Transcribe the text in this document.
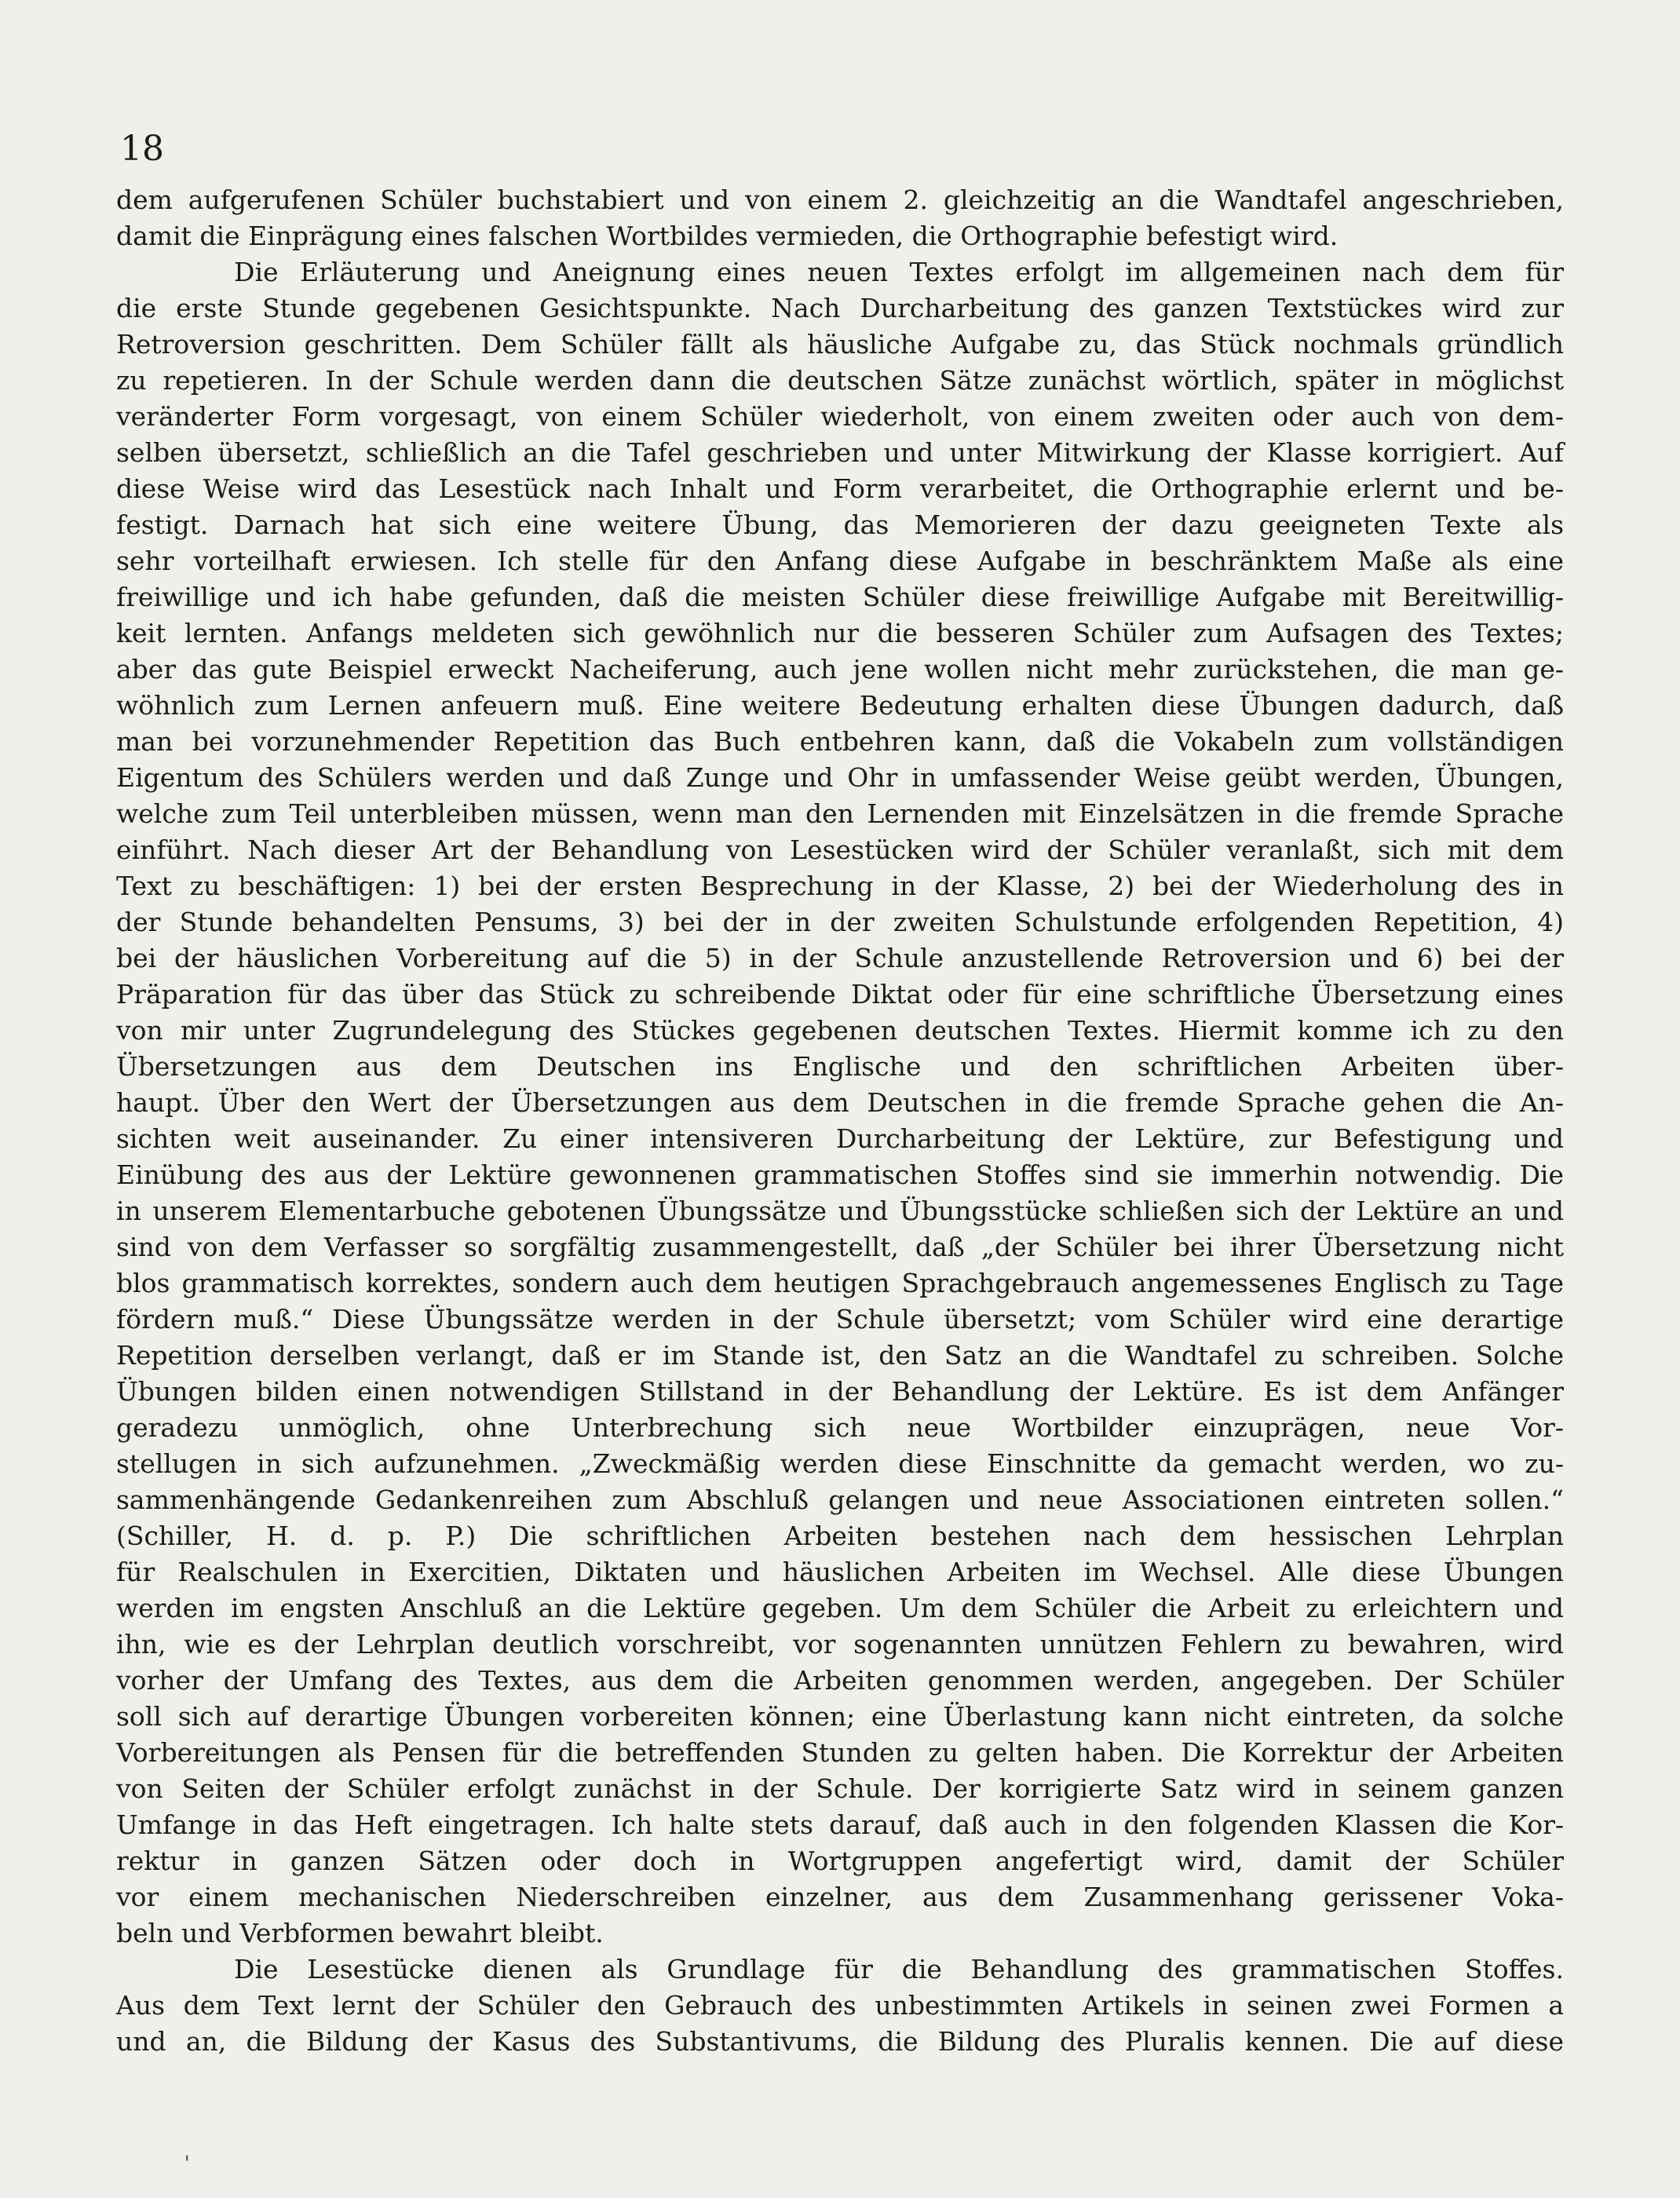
18
dem aufgerufenen Schüler buchstabiert und von einem 2. gleichzeitig an die Wandtafel angeschrieben,
damit die Einprägung eines falschen Wortbildes vermieden, die Orthographie befestigt wird.
Die Erläuterung und Aneignung eines neuen Textes erfolgt im allgemeinen nach dem für
die erste Stunde gegebenen Gesichtspunkte. Nach Durcharbeitung des ganzen Textstückes wird zur
Retroversion geschritten. Dem Schüler fällt als häusliche Aufgabe zu, das Stück nochmals gründlich
zu repetieren. In der Schule werden dann die deutschen Sätze zunächst wörtlich, später in möglichst
veränderter Form vorgesagt, von einem Schüler wiederholt, von einem zweiten oder auch von dem-
selben übersetzt, schließlich an die Tafel geschrieben und unter Mitwirkung der Klasse korrigiert. Auf
diese Weise wird das Lesestück nach Inhalt und Form verarbeitet, die Orthographie erlernt und be-
festigt. Darnach hat sich eine weitere Übung, das Memorieren der dazu geeigneten Texte als
sehr vorteilhaft erwiesen. Ich stelle für den Anfang diese Aufgabe in beschränktem Maße als eine
freiwillige und ich habe gefunden, daß die meisten Schüler diese freiwillige Aufgabe mit Bereitwillig-
keit lernten. Anfangs meldeten sich gewöhnlich nur die besseren Schüler zum Aufsagen des Textes;
aber das gute Beispiel erweckt Nacheiferung, auch jene wollen nicht mehr zurückstehen, die man ge-
wöhnlich zum Lernen anfeuern muß. Eine weitere Bedeutung erhalten diese Übungen dadurch, daß
man bei vorzunehmender Repetition das Buch entbehren kann, daß die Vokabeln zum vollständigen
Eigentum des Schülers werden und daß Zunge und Ohr in umfassender Weise geübt werden, Übungen,
welche zum Teil unterbleiben müssen, wenn man den Lernenden mit Einzelsätzen in die fremde Sprache
einführt. Nach dieser Art der Behandlung von Lesestücken wird der Schüler veranlaßt, sich mit dem
Text zu beschäftigen: 1) bei der ersten Besprechung in der Klasse, 2) bei der Wiederholung des in
der Stunde behandelten Pensums, 3) bei der in der zweiten Schulstunde erfolgenden Repetition, 4)
bei der häuslichen Vorbereitung auf die 5) in der Schule anzustellende Retroversion und 6) bei der
Präparation für das über das Stück zu schreibende Diktat oder für eine schriftliche Übersetzung eines
von mir unter Zugrundelegung des Stückes gegebenen deutschen Textes. Hiermit komme ich zu den
Übersetzungen aus dem Deutschen ins Englische und den schriftlichen Arbeiten über-
haupt. Über den Wert der Übersetzungen aus dem Deutschen in die fremde Sprache gehen die An-
sichten weit auseinander. Zu einer intensiveren Durcharbeitung der Lektüre, zur Befestigung und
Einübung des aus der Lektüre gewonnenen grammatischen Stoffes sind sie immerhin notwendig. Die
in unserem Elementarbuche gebotenen Übungssätze und Übungsstücke schließen sich der Lektüre an und
sind von dem Verfasser so sorgfältig zusammengestellt, daß „der Schüler bei ihrer Übersetzung nicht
blos grammatisch korrektes, sondern auch dem heutigen Sprachgebrauch angemessenes Englisch zu Tage
fördern muß.“ Diese Übungssätze werden in der Schule übersetzt; vom Schüler wird eine derartige
Repetition derselben verlangt, daß er im Stande ist, den Satz an die Wandtafel zu schreiben. Solche
Übungen bilden einen notwendigen Stillstand in der Behandlung der Lektüre. Es ist dem Anfänger
geradezu unmöglich, ohne Unterbrechung sich neue Wortbilder einzuprägen, neue Vor-
stellugen in sich aufzunehmen. „Zweckmäßig werden diese Einschnitte da gemacht werden, wo zu-
sammenhängende Gedankenreihen zum Abschluß gelangen und neue Associationen eintreten sollen.“
(Schiller, H. d. p. P.) Die schriftlichen Arbeiten bestehen nach dem hessischen Lehrplan
für Realschulen in Exercitien, Diktaten und häuslichen Arbeiten im Wechsel. Alle diese Übungen
werden im engsten Anschluß an die Lektüre gegeben. Um dem Schüler die Arbeit zu erleichtern und
ihn, wie es der Lehrplan deutlich vorschreibt, vor sogenannten unnützen Fehlern zu bewahren, wird
vorher der Umfang des Textes, aus dem die Arbeiten genommen werden, angegeben. Der Schüler
soll sich auf derartige Übungen vorbereiten können; eine Überlastung kann nicht eintreten, da solche
Vorbereitungen als Pensen für die betreffenden Stunden zu gelten haben. Die Korrektur der Arbeiten
von Seiten der Schüler erfolgt zunächst in der Schule. Der korrigierte Satz wird in seinem ganzen
Umfange in das Heft eingetragen. Ich halte stets darauf, daß auch in den folgenden Klassen die Kor-
rektur in ganzen Sätzen oder doch in Wortgruppen angefertigt wird, damit der Schüler
vor einem mechanischen Niederschreiben einzelner, aus dem Zusammenhang gerissener Voka-
beln und Verbformen bewahrt bleibt.
Die Lesestücke dienen als Grundlage für die Behandlung des grammatischen Stoffes.
Aus dem Text lernt der Schüler den Gebrauch des unbestimmten Artikels in seinen zwei Formen a
und an, die Bildung der Kasus des Substantivums, die Bildung des Pluralis kennen. Die auf diese
ˌ
